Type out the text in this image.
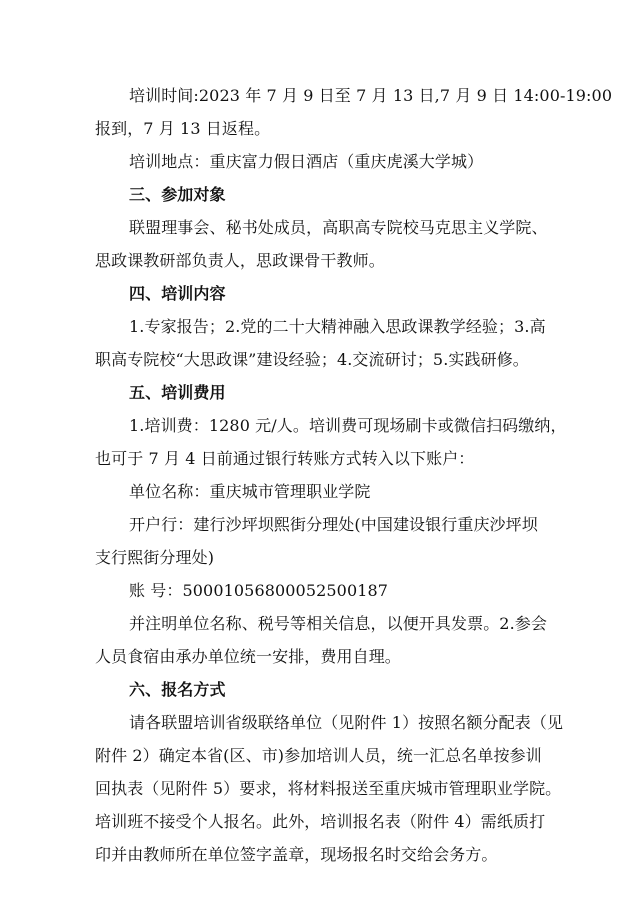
培训时间:2023 年 7 月 9 日至 7 月 13 日,7 月 9 日 14:00-19:00
报到，7 月 13 日返程。
培训地点：重庆富力假日酒店（重庆虎溪大学城）
三、参加对象
联盟理事会、秘书处成员，高职高专院校马克思主义学院、
思政课教研部负责人，思政课骨干教师。
四、培训内容
1.专家报告；2.党的二十大精神融入思政课教学经验；3.高
职高专院校“大思政课”建设经验；4.交流研讨；5.实践研修。
五、培训费用
1.培训费：1280 元/人。培训费可现场刷卡或微信扫码缴纳，
也可于 7 月 4 日前通过银行转账方式转入以下账户：
单位名称：重庆城市管理职业学院
开户行：建行沙坪坝熙街分理处(中国建设银行重庆沙坪坝
支行熙街分理处)
账 号：50001056800052500187
并注明单位名称、税号等相关信息，以便开具发票。2.参会
人员食宿由承办单位统一安排，费用自理。
六、报名方式
请各联盟培训省级联络单位（见附件 1）按照名额分配表（见
附件 2）确定本省(区、市)参加培训人员，统一汇总名单按参训
回执表（见附件 5）要求，将材料报送至重庆城市管理职业学院。
培训班不接受个人报名。此外，培训报名表（附件 4）需纸质打
印并由教师所在单位签字盖章，现场报名时交给会务方。
